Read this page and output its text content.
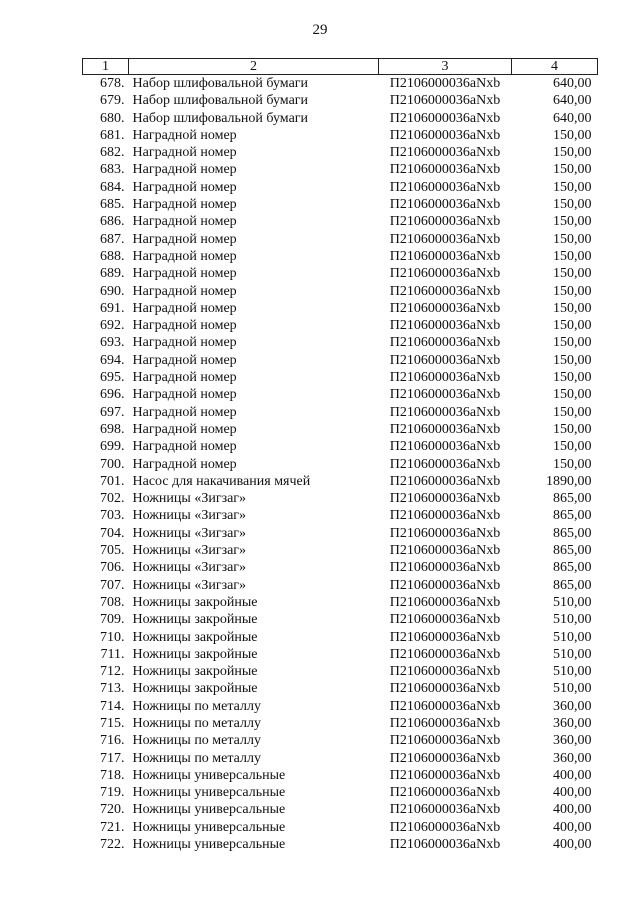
29
1	2	3	4
678.	Набор шлифовальной бумаги	П2106000036aNxb	640,00
679.	Набор шлифовальной бумаги	П2106000036aNxb	640,00
680.	Набор шлифовальной бумаги	П2106000036aNxb	640,00
681.	Наградной номер	П2106000036aNxb	150,00
682.	Наградной номер	П2106000036aNxb	150,00
683.	Наградной номер	П2106000036aNxb	150,00
684.	Наградной номер	П2106000036aNxb	150,00
685.	Наградной номер	П2106000036aNxb	150,00
686.	Наградной номер	П2106000036aNxb	150,00
687.	Наградной номер	П2106000036aNxb	150,00
688.	Наградной номер	П2106000036aNxb	150,00
689.	Наградной номер	П2106000036aNxb	150,00
690.	Наградной номер	П2106000036aNxb	150,00
691.	Наградной номер	П2106000036aNxb	150,00
692.	Наградной номер	П2106000036aNxb	150,00
693.	Наградной номер	П2106000036aNxb	150,00
694.	Наградной номер	П2106000036aNxb	150,00
695.	Наградной номер	П2106000036aNxb	150,00
696.	Наградной номер	П2106000036aNxb	150,00
697.	Наградной номер	П2106000036aNxb	150,00
698.	Наградной номер	П2106000036aNxb	150,00
699.	Наградной номер	П2106000036aNxb	150,00
700.	Наградной номер	П2106000036aNxb	150,00
701.	Насос для накачивания мячей	П2106000036aNxb	1890,00
702.	Ножницы «Зигзаг»	П2106000036aNxb	865,00
703.	Ножницы «Зигзаг»	П2106000036aNxb	865,00
704.	Ножницы «Зигзаг»	П2106000036aNxb	865,00
705.	Ножницы «Зигзаг»	П2106000036aNxb	865,00
706.	Ножницы «Зигзаг»	П2106000036aNxb	865,00
707.	Ножницы «Зигзаг»	П2106000036aNxb	865,00
708.	Ножницы закройные	П2106000036aNxb	510,00
709.	Ножницы закройные	П2106000036aNxb	510,00
710.	Ножницы закройные	П2106000036aNxb	510,00
711.	Ножницы закройные	П2106000036aNxb	510,00
712.	Ножницы закройные	П2106000036aNxb	510,00
713.	Ножницы закройные	П2106000036aNxb	510,00
714.	Ножницы по металлу	П2106000036aNxb	360,00
715.	Ножницы по металлу	П2106000036aNxb	360,00
716.	Ножницы по металлу	П2106000036aNxb	360,00
717.	Ножницы по металлу	П2106000036aNxb	360,00
718.	Ножницы универсальные	П2106000036aNxb	400,00
719.	Ножницы универсальные	П2106000036aNxb	400,00
720.	Ножницы универсальные	П2106000036aNxb	400,00
721.	Ножницы универсальные	П2106000036aNxb	400,00
722.	Ножницы универсальные	П2106000036aNxb	400,00
